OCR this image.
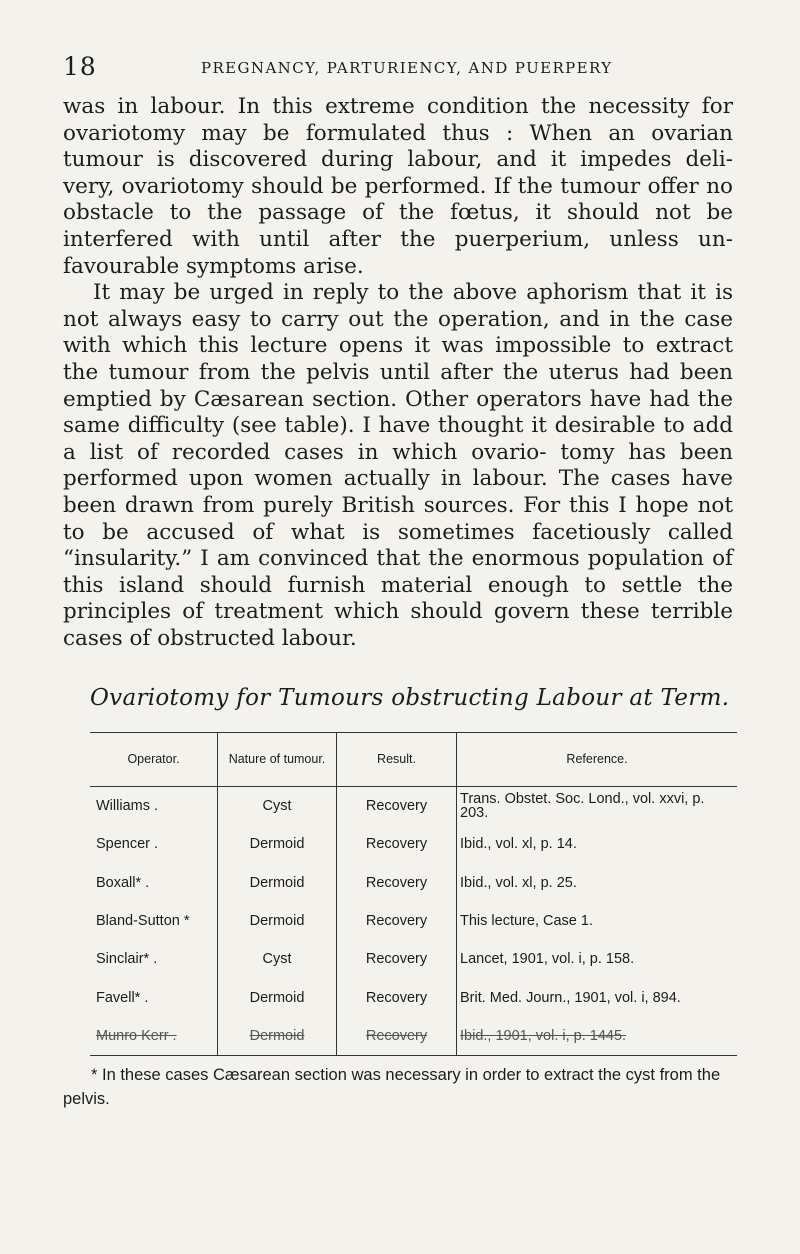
18	PREGNANCY, PARTURIENCY, AND PUERPERY

was in labour. In this extreme condition the necessity for ovariotomy may be formulated thus : When an ovarian tumour is discovered during labour, and it impedes deli- very, ovariotomy should be performed. If the tumour offer no obstacle to the passage of the fœtus, it should not be interfered with until after the puerperium, unless un- favourable symptoms arise.

It may be urged in reply to the above aphorism that it is not always easy to carry out the operation, and in the case with which this lecture opens it was impossible to extract the tumour from the pelvis until after the uterus had been emptied by Cæsarean section. Other operators have had the same difficulty (see table). I have thought it desirable to add a list of recorded cases in which ovario- tomy has been performed upon women actually in labour. The cases have been drawn from purely British sources. For this I hope not to be accused of what is sometimes facetiously called “insularity.” I am convinced that the enormous population of this island should furnish material enough to settle the principles of treatment which should govern these terrible cases of obstructed labour.

Ovariotomy for Tumours obstructing Labour at Term.
Operator.	Nature of tumour.	Result.	Reference.
Williams .	Cyst	Recovery	Trans. Obstet. Soc. Lond., vol. xxvi, p. 203.
Spencer .	Dermoid	Recovery	Ibid., vol. xl, p. 14.
Boxall* .	Dermoid	Recovery	Ibid., vol. xl, p. 25.
Bland-Sutton *	Dermoid	Recovery	This lecture, Case 1.
Sinclair* .	Cyst	Recovery	Lancet, 1901, vol. i, p. 158.
Favell* .	Dermoid	Recovery	Brit. Med. Journ., 1901, vol. i, 894.
Munro Kerr .	Dermoid	Recovery	Ibid., 1901, vol. i, p. 1445.
* In these cases Cæsarean section was necessary in order to extract the cyst from the pelvis.
